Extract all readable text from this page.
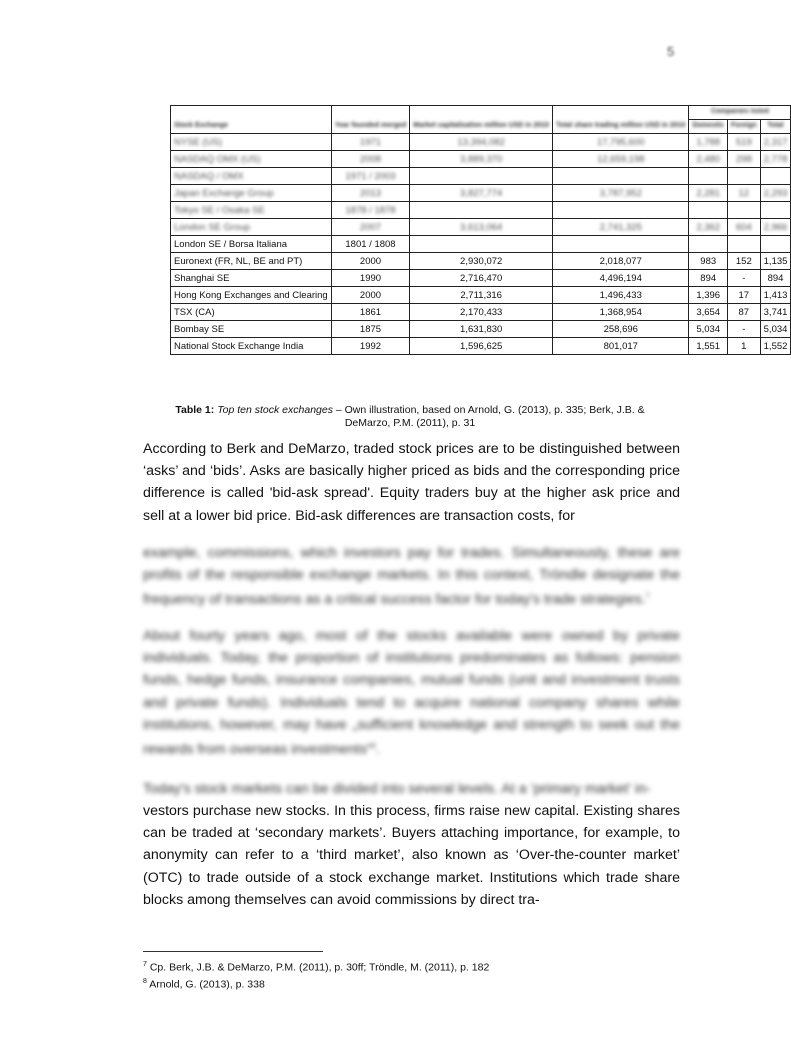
5
Stock Exchange	Year founded merged	Market capitalization million USD in 2010	Total share trading million USD in 2010	Companies listed		
				Domestic	Foreign	Total
NYSE (US)	1971	13,394,082	17,795,600	1,788	519	2,317
NASDAQ OMX (US)	2008	3,889,370	12,659,198	2,480	298	2,778
NASDAQ / OMX	1971 / 2003					
Japan Exchange Group	2013	3,827,774	3,787,952	2,281	12	2,293
Tokyo SE / Osaka SE	1878 / 1878					
London SE Group	2007	3,613,064	2,741,325	2,362	604	2,966
London SE / Borsa Italiana	1801 / 1808					
Euronext (FR, NL, BE and PT)	2000	2,930,072	2,018,077	983	152	1,135
Shanghai SE	1990	2,716,470	4,496,194	894	-	894
Hong Kong Exchanges and Clearing	2000	2,711,316	1,496,433	1,396	17	1,413
TSX (CA)	1861	2,170,433	1,368,954	3,654	87	3,741
Bombay SE	1875	1,631,830	258,696	5,034	-	5,034
National Stock Exchange India	1992	1,596,625	801,017	1,551	1	1,552
Table 1: Top ten stock exchanges – Own illustration, based on Arnold, G. (2013), p. 335; Berk, J.B. &
DeMarzo, P.M. (2011), p. 31
According to Berk and DeMarzo, traded stock prices are to be distinguished between ‘asks’ and ‘bids’. Asks are basically higher priced as bids and the corresponding price difference is called 'bid-ask spread'. Equity traders buy at the higher ask price and sell at a lower bid price. Bid-ask differences are transaction costs, for
example, commissions, which investors pay for trades. Simultaneously, these are profits of the responsible exchange markets. In this context, Tröndle designate the frequency of transactions as a critical success factor for today's trade strategies.$^7$
About fourty years ago, most of the stocks available were owned by private individuals. Today, the proportion of institutions predominates as follows: pension funds, hedge funds, insurance companies, mutual funds (unit and investment trusts and private funds). Individuals tend to acquire national company shares while institutions, however, may have „sufficient knowledge and strength to seek out the rewards from overseas investments“$^8$.
Today's stock markets can be divided into several levels. At a ‘primary market’ in-
vestors purchase new stocks. In this process, firms raise new capital. Existing shares can be traded at ‘secondary markets’. Buyers attaching importance, for example, to anonymity can refer to a ‘third market’, also known as ‘Over-the-counter market’ (OTC) to trade outside of a stock exchange market. Institutions which trade share blocks among themselves can avoid commissions by direct tra-
$^7$ Cp. Berk, J.B. & DeMarzo, P.M. (2011), p. 30ff; Tröndle, M. (2011), p. 182
$^8$ Arnold, G. (2013), p. 338
